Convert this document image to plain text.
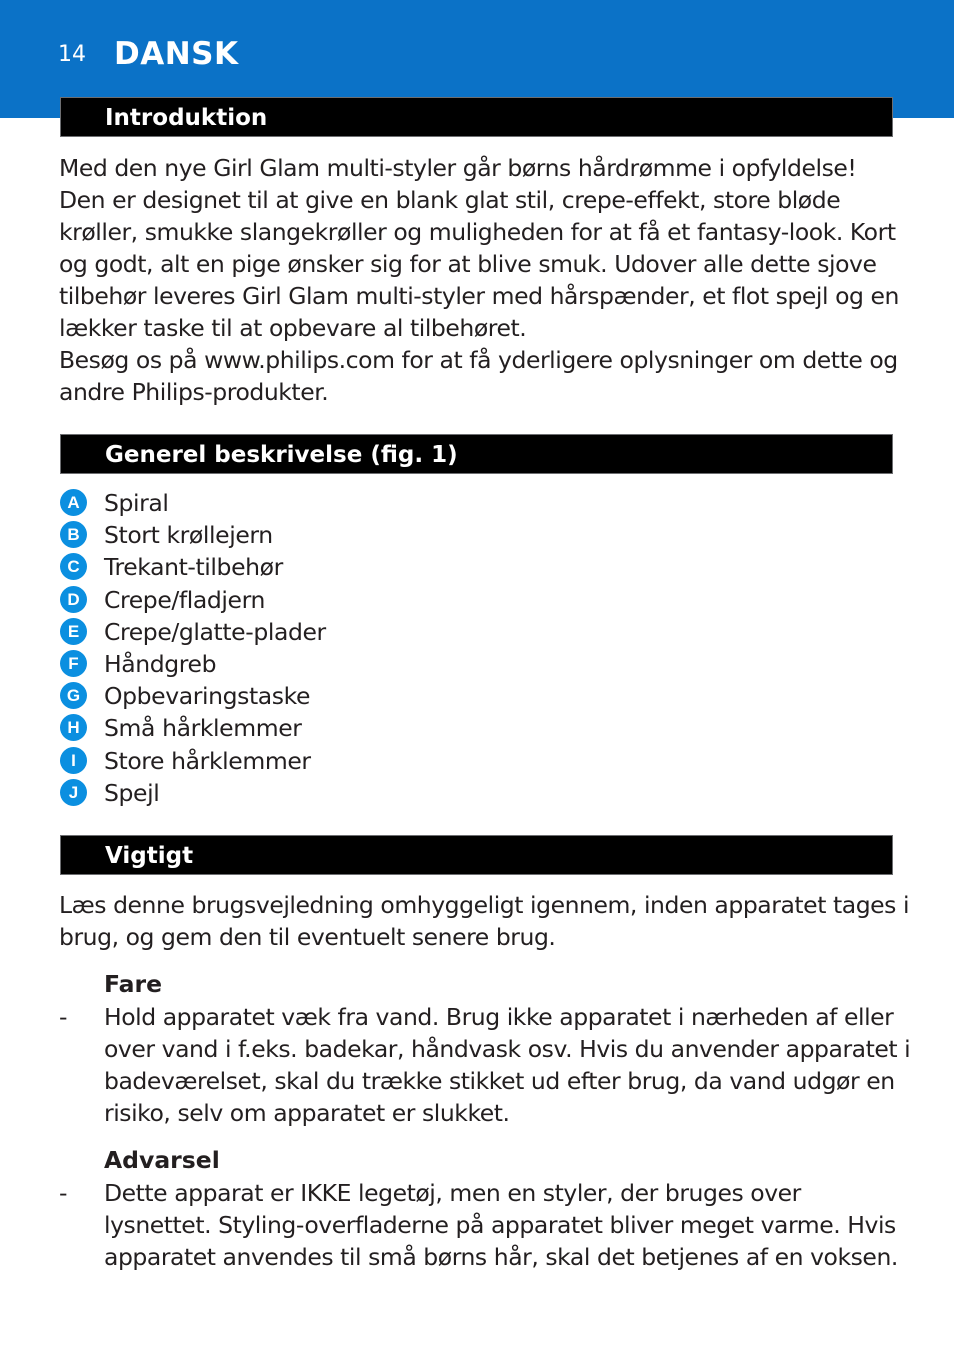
14 DANSK
Introduktion

Med den nye Girl Glam multi-styler går børns hårdrømme i opfyldelse!
Den er designet til at give en blank glat stil, crepe-effekt, store bløde
krøller, smukke slangekrøller og muligheden for at få et fantasy-look. Kort
og godt, alt en pige ønsker sig for at blive smuk. Udover alle dette sjove
tilbehør leveres Girl Glam multi-styler med hårspænder, et flot spejl og en
lækker taske til at opbevare al tilbehøret.
Besøg os på www.philips.com for at få yderligere oplysninger om dette og
andre Philips-produkter.

Generel beskrivelse (fig. 1)
A	Spiral
B	Stort krøllejern
C	Trekant-tilbehør
D	Crepe/fladjern
E	Crepe/glatte-plader
F	Håndgreb
G Opbevaringstaske
H	Små hårklemmer
I	Store hårklemmer
J	Spejl
Vigtigt

Læs denne brugsvejledning omhyggeligt igennem, inden apparatet tages i
brug, og gem den til eventuelt senere brug.

Fare
- Hold apparatet væk fra vand. Brug ikke apparatet i nærheden af eller
over vand i f.eks. badekar, håndvask osv. Hvis du anvender apparatet i
badeværelset, skal du trække stikket ud efter brug, da vand udgør en
risiko, selv om apparatet er slukket.
Advarsel
- Dette apparat er IKKE legetøj, men en styler, der bruges over
lysnettet. Styling-overfladerne på apparatet bliver meget varme. Hvis
apparatet anvendes til små børns hår, skal det betjenes af en voksen.
